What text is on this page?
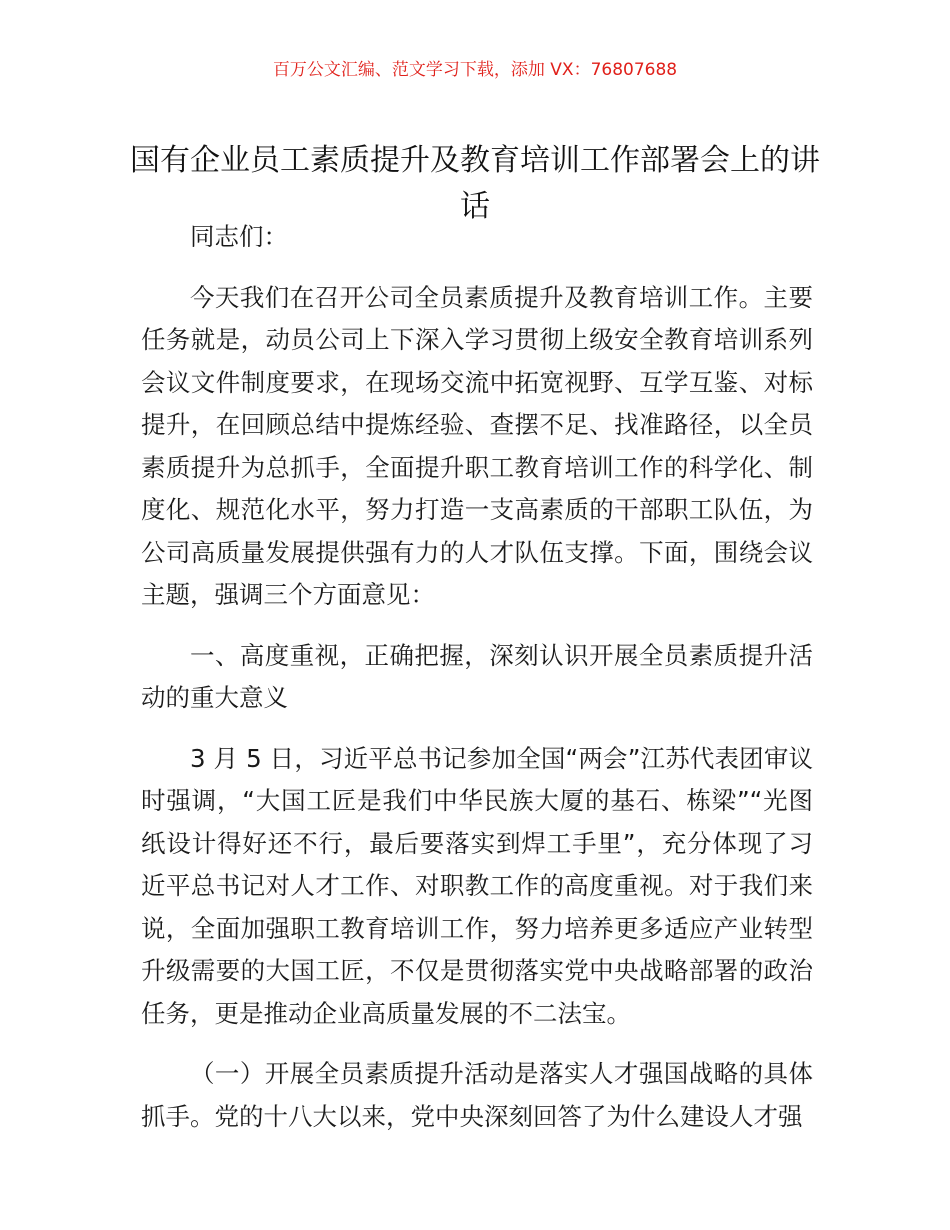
百万公文汇编、范文学习下载，添加 VX：76807688
国有企业员工素质提升及教育培训工作部署会上的讲话

同志们：

今天我们在召开公司全员素质提升及教育培训工作。主要任务就是，动员公司上下深入学习贯彻上级安全教育培训系列会议文件制度要求，在现场交流中拓宽视野、互学互鉴、对标提升，在回顾总结中提炼经验、查摆不足、找准路径，以全员素质提升为总抓手，全面提升职工教育培训工作的科学化、制度化、规范化水平，努力打造一支高素质的干部职工队伍，为公司高质量发展提供强有力的人才队伍支撑。下面，围绕会议主题，强调三个方面意见：

一、高度重视，正确把握，深刻认识开展全员素质提升活动的重大意义

3 月 5 日，习近平总书记参加全国“两会”江苏代表团审议时强调，“大国工匠是我们中华民族大厦的基石、栋梁”“光图纸设计得好还不行，最后要落实到焊工手里”，充分体现了习近平总书记对人才工作、对职教工作的高度重视。对于我们来说，全面加强职工教育培训工作，努力培养更多适应产业转型升级需要的大国工匠，不仅是贯彻落实党中央战略部署的政治任务，更是推动企业高质量发展的不二法宝。

（一）开展全员素质提升活动是落实人才强国战略的具体抓手。党的十八大以来，党中央深刻回答了为什么建设人才强
